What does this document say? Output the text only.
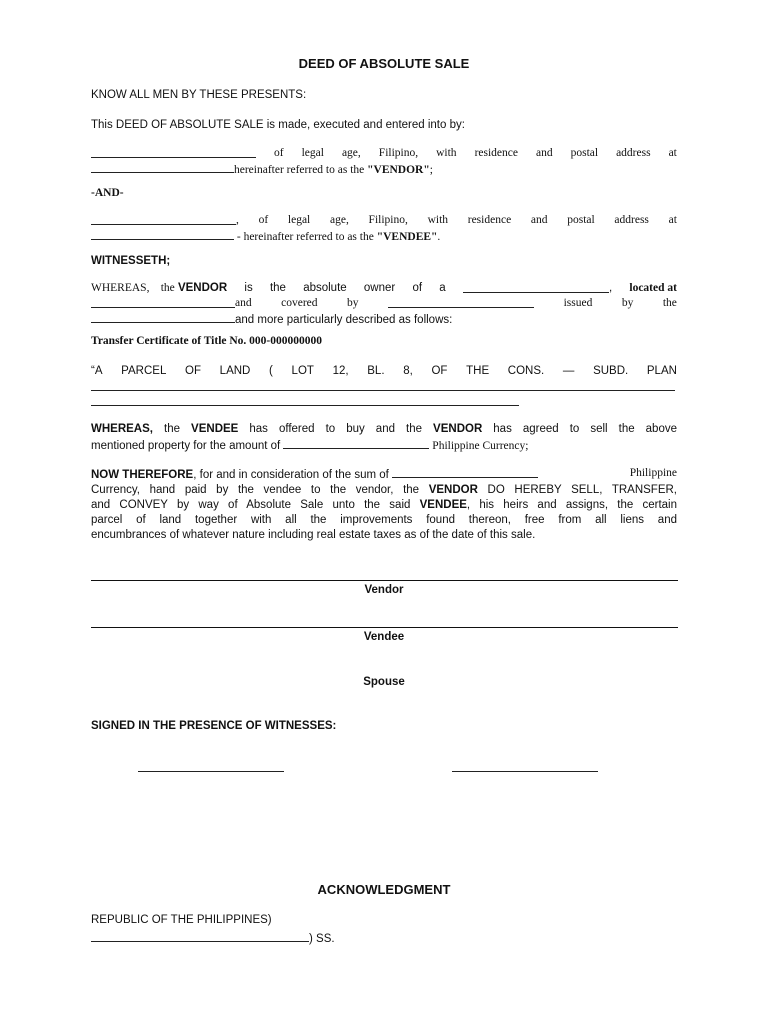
DEED OF ABSOLUTE SALE
KNOW ALL MEN BY THESE PRESENTS:
This DEED OF ABSOLUTE SALE is made, executed and entered into by:
of legal age, Filipino, with residence and postal address at
hereinafter referred to as the "VENDOR";
-AND-
, of legal age, Filipino, with residence and postal address at
- hereinafter referred to as the "VENDEE".
WITNESSETH;
WHEREAS, the VENDOR is the absolute owner of a	, located at
and	covered	by	issued	by	the
and more particularly described as follows:
Transfer Certificate of Title No. 000-000000000
“A PARCEL OF LAND ( LOT 12, BL. 8, OF THE CONS. — SUBD. PLAN
WHEREAS, the VENDEE has offered to buy and the VENDOR has agreed to sell the above
mentioned property for the amount of	Philippine Currency;
NOW THEREFORE, for and in consideration of the sum of	Philippine
Currency, hand paid by the vendee to the vendor, the VENDOR DO HEREBY SELL, TRANSFER,
and CONVEY by way of Absolute Sale unto the said VENDEE, his heirs and assigns, the certain
parcel of land together with all the improvements found thereon, free from all liens and
encumbrances of whatever nature including real estate taxes as of the date of this sale.
Vendor
Vendee
Spouse
SIGNED IN THE PRESENCE OF WITNESSES:
ACKNOWLEDGMENT
REPUBLIC OF THE PHILIPPINES)
) SS.
